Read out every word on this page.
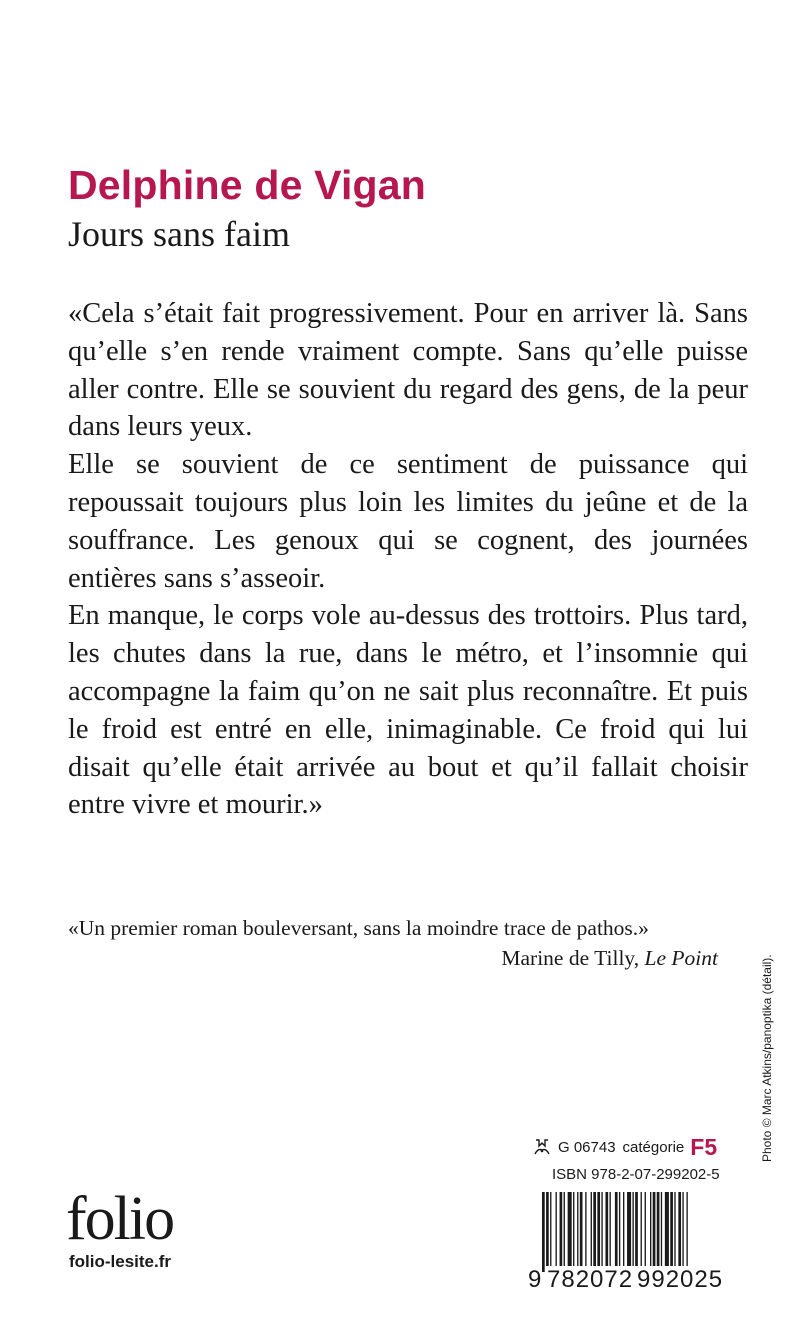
Delphine de Vigan
Jours sans faim

«Cela s’était fait progressivement. Pour en arriver là. Sans qu’elle s’en rende vraiment compte. Sans qu’elle puisse aller contre. Elle se souvient du regard des gens, de la peur dans leurs yeux.

Elle se souvient de ce sentiment de puissance qui repoussait toujours plus loin les limites du jeûne et de la souffrance. Les genoux qui se cognent, des journées entières sans s’asseoir.

En manque, le corps vole au-dessus des trottoirs. Plus tard, les chutes dans la rue, dans le métro, et l’insomnie qui accompagne la faim qu’on ne sait plus reconnaître. Et puis le froid est entré en elle, inimaginable. Ce froid qui lui disait qu’elle était arrivée au bout et qu’il fallait choisir entre vivre et mourir.»

«Un premier roman bouleversant, sans la moindre trace de pathos.»

Marine de Tilly, Le Point

G 06743 catégorie F5
ISBN 978-2-07-299202-5
9 782072 992025
folio
folio-lesite.fr
Photo © Marc Atkins/panoptika (détail).
